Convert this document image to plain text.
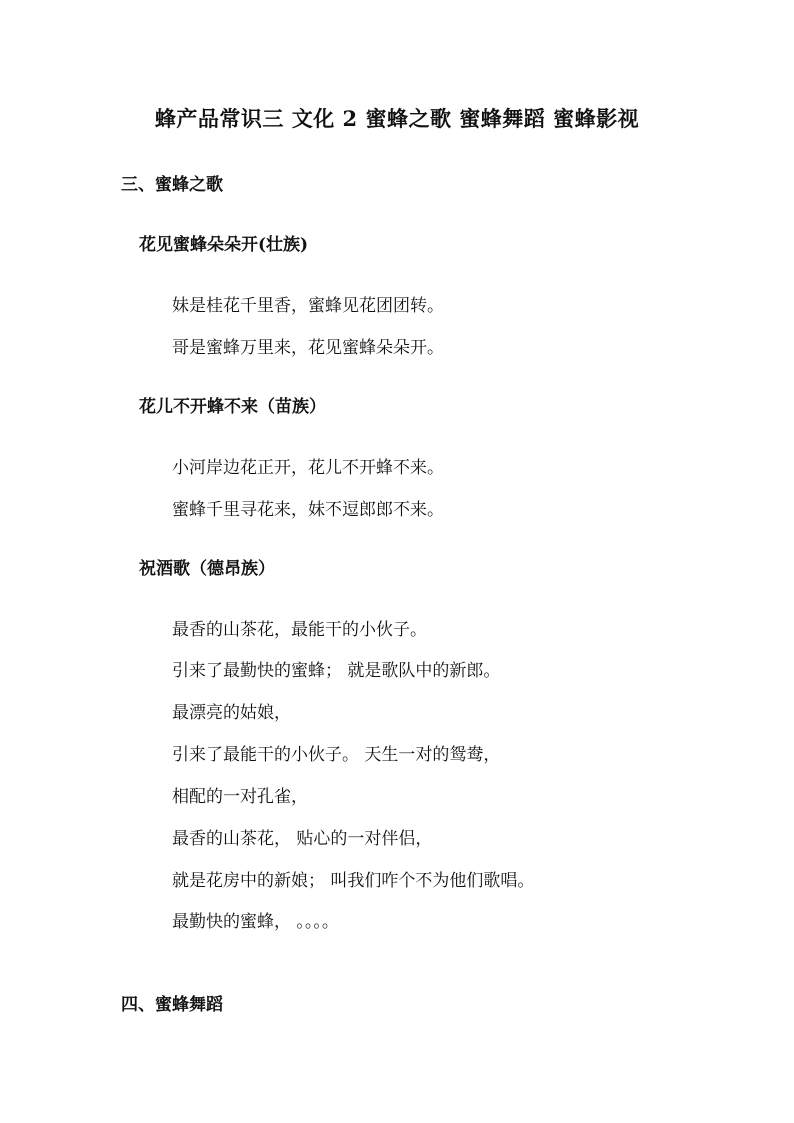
蜂产品常识三 文化 2 蜜蜂之歌 蜜蜂舞蹈 蜜蜂影视
三、蜜蜂之歌
花见蜜蜂朵朵开(壮族)
妹是桂花千里香，蜜蜂见花团团转。
哥是蜜蜂万里来，花见蜜蜂朵朵开。
花儿不开蜂不来（苗族）
小河岸边花正开，花儿不开蜂不来。
蜜蜂千里寻花来，妹不逗郎郎不来。
祝酒歌（德昂族）
最香的山茶花，最能干的小伙子。
引来了最勤快的蜜蜂； 就是歌队中的新郎。
最漂亮的姑娘，
引来了最能干的小伙子。 天生一对的鸳鸯，
相配的一对孔雀，
最香的山茶花， 贴心的一对伴侣，
就是花房中的新娘； 叫我们咋个不为他们歌唱。
最勤快的蜜蜂， 。。。。
四、蜜蜂舞蹈
